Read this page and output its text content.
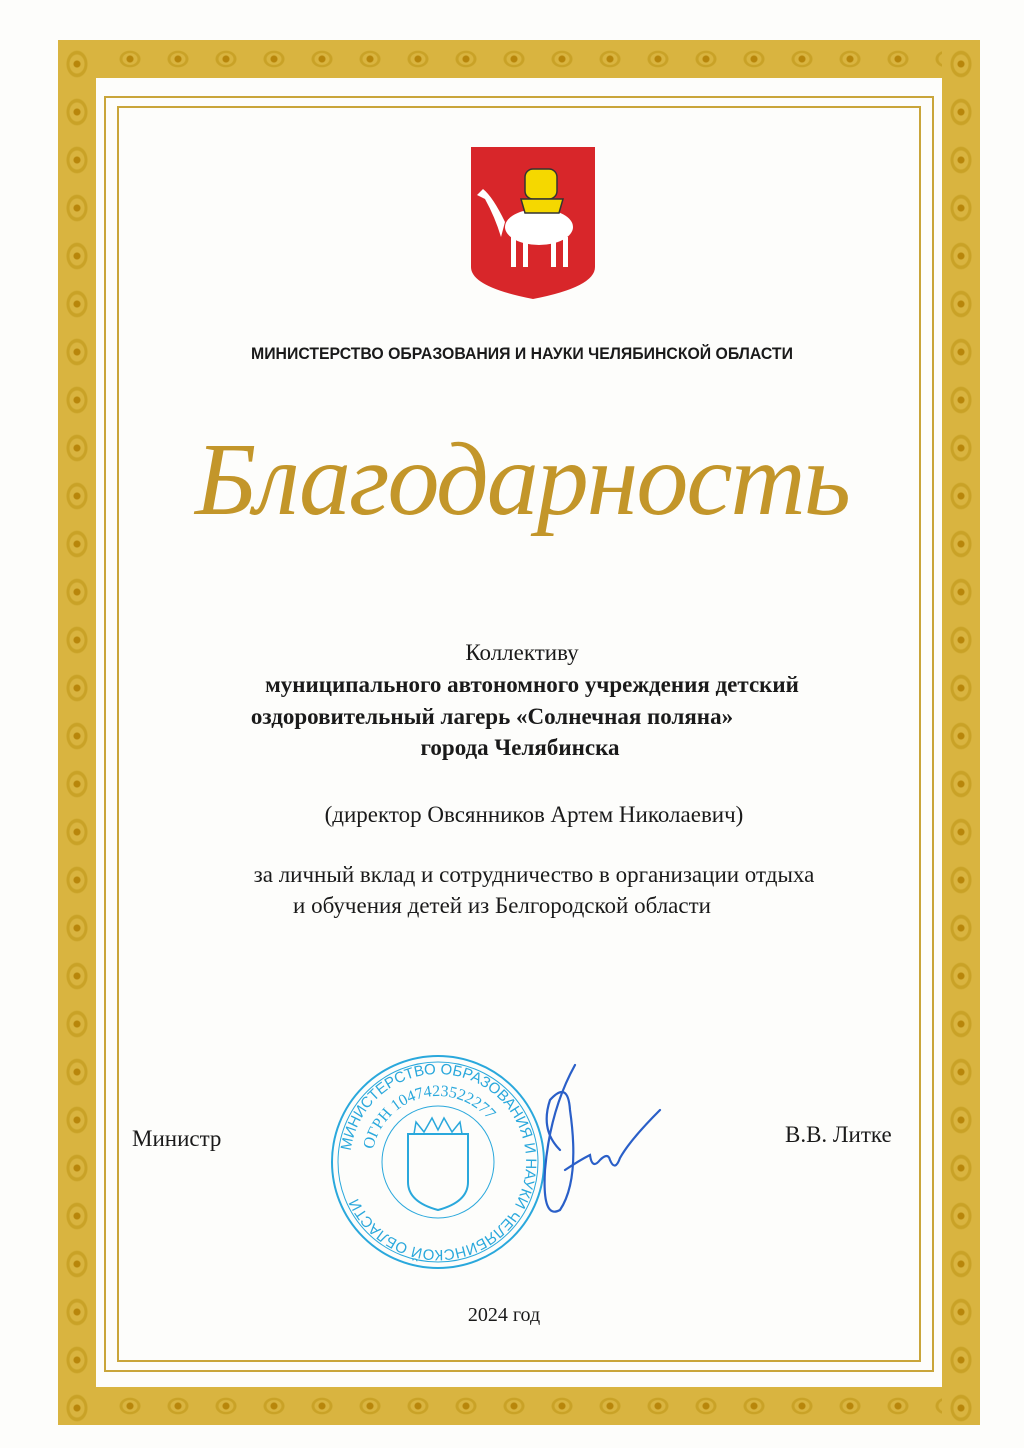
МИНИСТЕРСТВО ОБРАЗОВАНИЯ И НАУКИ ЧЕЛЯБИНСКОЙ ОБЛАСТИ
Благодарность
Коллективу
муниципального автономного учреждения детский
оздоровительный лагерь «Солнечная поляна»
города Челябинска
(директор Овсянников Артем Николаевич)
за личный вклад и сотрудничество в организации отдыха
и обучения детей из Белгородской области
Министр	В.В. Литке
МИНИСТЕРСТВО ОБРАЗОВАНИЯ И НАУКИ ЧЕЛЯБИНСКОЙ ОБЛАСТИ
ОГРН 1047423522277
2024 год
